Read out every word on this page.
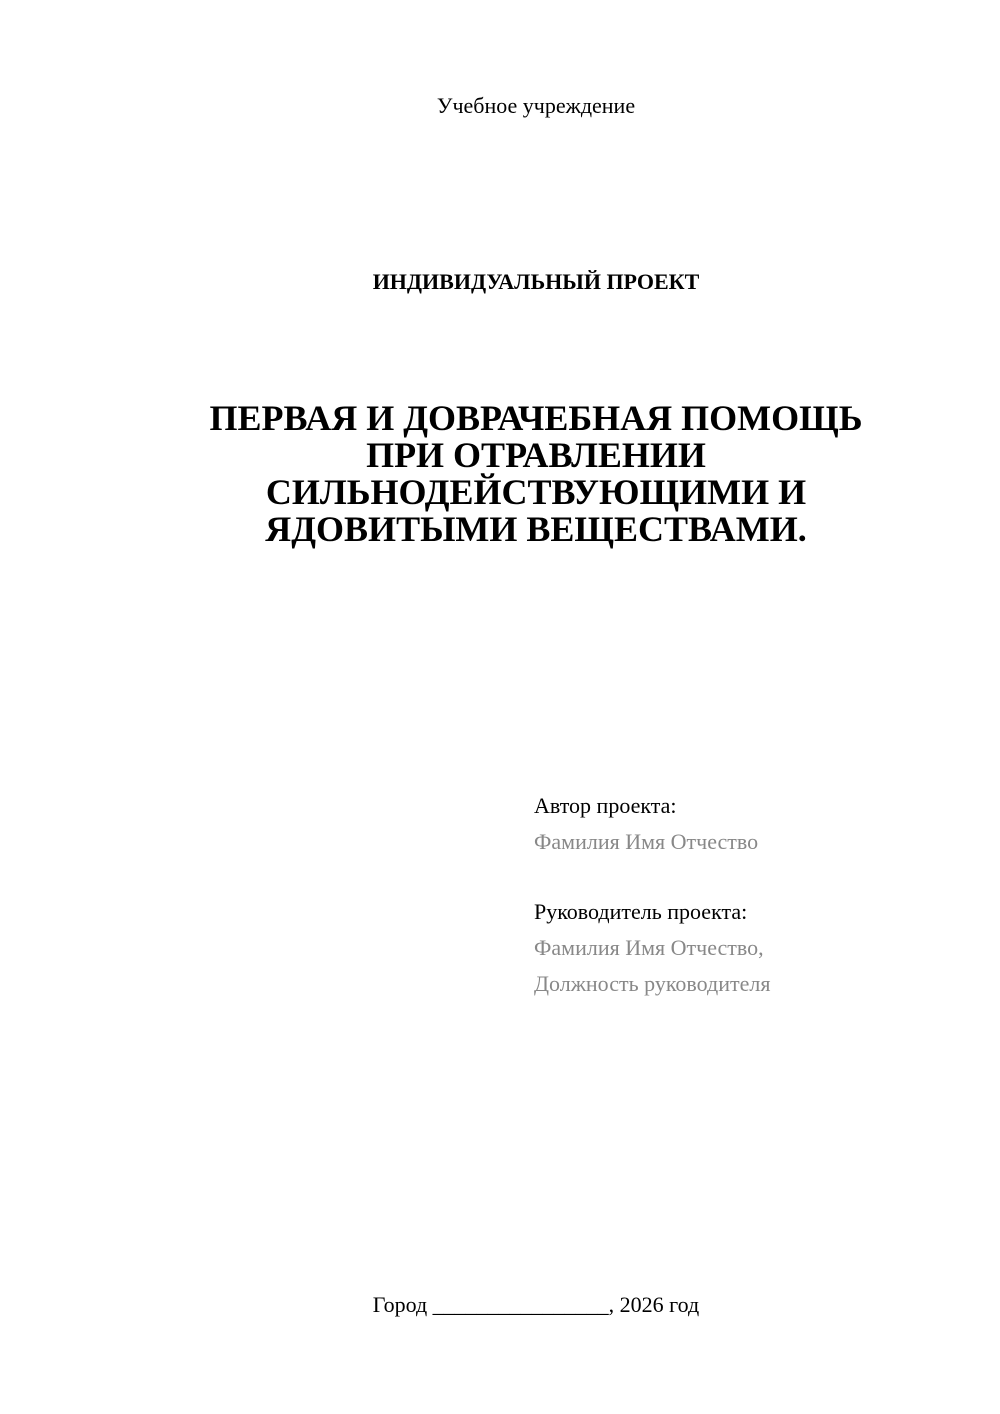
Учебное учреждение
ИНДИВИДУАЛЬНЫЙ ПРОЕКТ
ПЕРВАЯ И ДОВРАЧЕБНАЯ ПОМОЩЬ
ПРИ ОТРАВЛЕНИИ
СИЛЬНОДЕЙСТВУЮЩИМИ И
ЯДОВИТЫМИ ВЕЩЕСТВАМИ.
Автор проекта:
Фамилия Имя Отчество
Руководитель проекта:
Фамилия Имя Отчество,
Должность руководителя
Город ________________, 2026 год
